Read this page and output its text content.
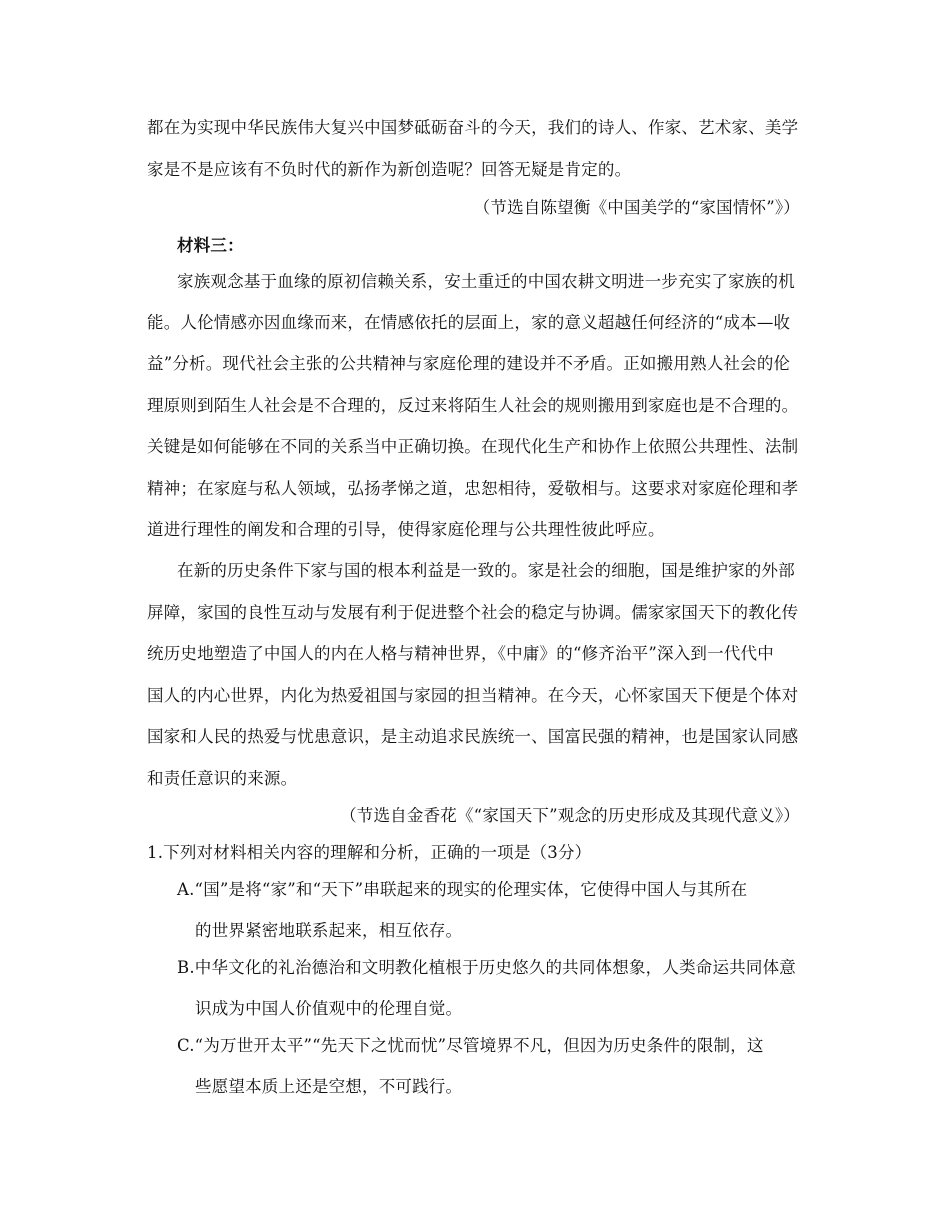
都在为实现中华民族伟大复兴中国梦砥砺奋斗的今天，我们的诗人、作家、艺术家、美学
家是不是应该有不负时代的新作为新创造呢？回答无疑是肯定的。
（节选自陈望衡《中国美学的“家国情怀”》）
材料三：
家族观念基于血缘的原初信赖关系，安土重迁的中国农耕文明进一步充实了家族的机
能。人伦情感亦因血缘而来，在情感依托的层面上，家的意义超越任何经济的“成本—收
益”分析。现代社会主张的公共精神与家庭伦理的建设并不矛盾。正如搬用熟人社会的伦
理原则到陌生人社会是不合理的，反过来将陌生人社会的规则搬用到家庭也是不合理的。
关键是如何能够在不同的关系当中正确切换。在现代化生产和协作上依照公共理性、法制
精神；在家庭与私人领域，弘扬孝悌之道，忠恕相待，爱敬相与。这要求对家庭伦理和孝
道进行理性的阐发和合理的引导，使得家庭伦理与公共理性彼此呼应。
在新的历史条件下家与国的根本利益是一致的。家是社会的细胞，国是维护家的外部
屏障，家国的良性互动与发展有利于促进整个社会的稳定与协调。儒家家国天下的教化传
统历史地塑造了中国人的内在人格与精神世界，《中庸》的“修齐治平”深入到一代代中
国人的内心世界，内化为热爱祖国与家园的担当精神。在今天，心怀家国天下便是个体对
国家和人民的热爱与忧患意识，是主动追求民族统一、国富民强的精神，也是国家认同感
和责任意识的来源。
（节选自金香花《“家国天下”观念的历史形成及其现代意义》）
1.下列对材料相关内容的理解和分析，正确的一项是（3分）
A.“国”是将“家”和“天下”串联起来的现实的伦理实体，它使得中国人与其所在
的世界紧密地联系起来，相互依存。
B.中华文化的礼治德治和文明教化植根于历史悠久的共同体想象，人类命运共同体意
识成为中国人价值观中的伦理自觉。
C.“为万世开太平”“先天下之忧而忧”尽管境界不凡，但因为历史条件的限制，这
些愿望本质上还是空想，不可践行。
